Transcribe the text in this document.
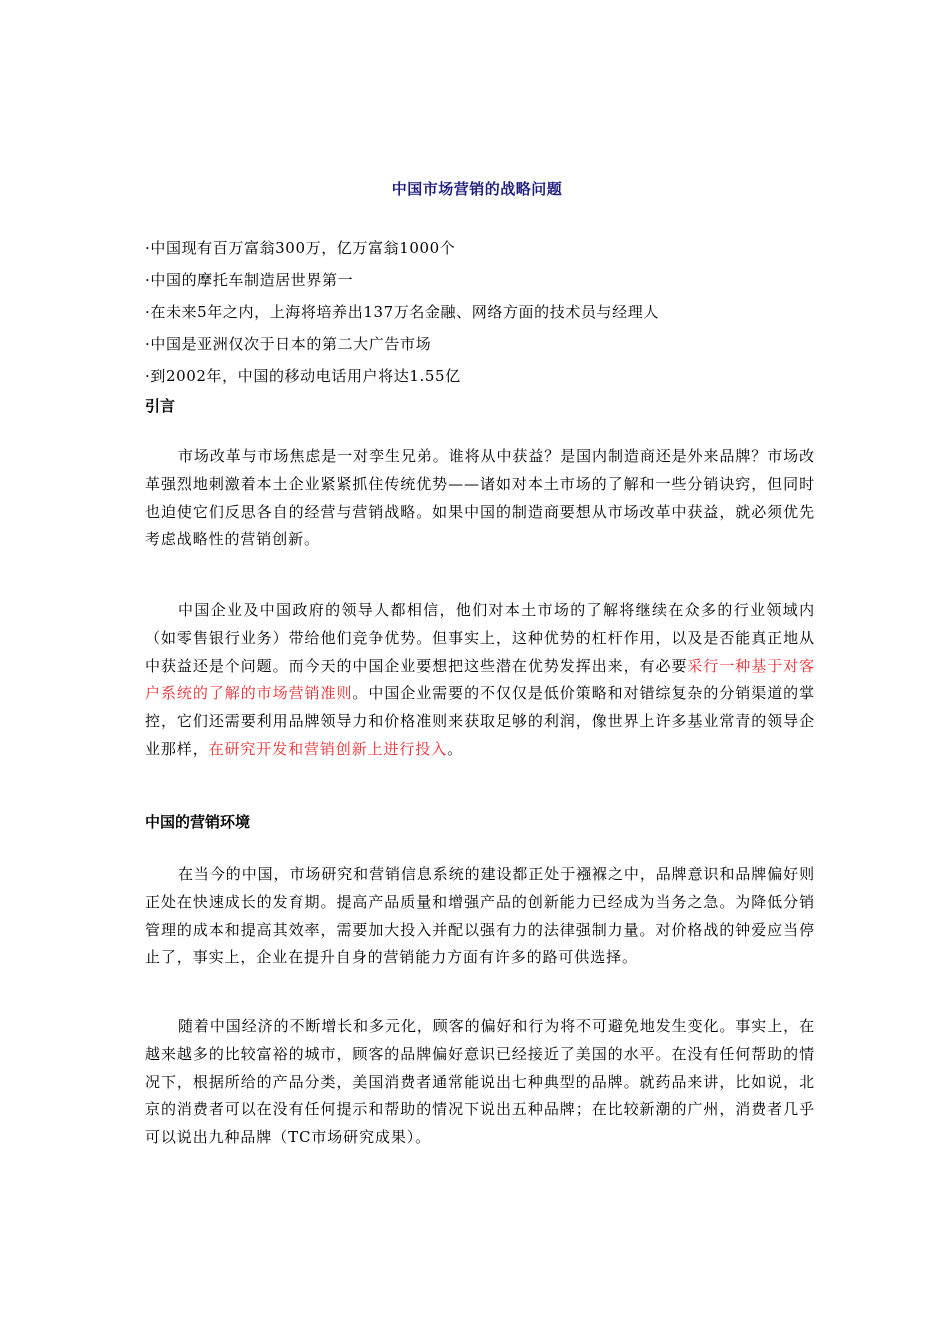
中国市场营销的战略问题
·中国现有百万富翁300万，亿万富翁1000个
·中国的摩托车制造居世界第一
·在未来5年之内，上海将培养出137万名金融、网络方面的技术员与经理人
·中国是亚洲仅次于日本的第二大广告市场
·到2002年，中国的移动电话用户将达1.55亿
引言
市场改革与市场焦虑是一对孪生兄弟。谁将从中获益？是国内制造商还是外来品牌？市场改革强烈地刺激着本土企业紧紧抓住传统优势——诸如对本土市场的了解和一些分销诀窍，但同时也迫使它们反思各自的经营与营销战略。如果中国的制造商要想从市场改革中获益，就必须优先考虑战略性的营销创新。
中国企业及中国政府的领导人都相信，他们对本土市场的了解将继续在众多的行业领域内（如零售银行业务）带给他们竞争优势。但事实上，这种优势的杠杆作用，以及是否能真正地从中获益还是个问题。而今天的中国企业要想把这些潜在优势发挥出来，有必要采行一种基于对客户系统的了解的市场营销准则。中国企业需要的不仅仅是低价策略和对错综复杂的分销渠道的掌控，它们还需要利用品牌领导力和价格准则来获取足够的利润，像世界上许多基业常青的领导企业那样，在研究开发和营销创新上进行投入。
中国的营销环境
在当今的中国，市场研究和营销信息系统的建设都正处于襁褓之中，品牌意识和品牌偏好则正处在快速成长的发育期。提高产品质量和增强产品的创新能力已经成为当务之急。为降低分销管理的成本和提高其效率，需要加大投入并配以强有力的法律强制力量。对价格战的钟爱应当停止了，事实上，企业在提升自身的营销能力方面有许多的路可供选择。
随着中国经济的不断增长和多元化，顾客的偏好和行为将不可避免地发生变化。事实上，在越来越多的比较富裕的城市，顾客的品牌偏好意识已经接近了美国的水平。在没有任何帮助的情况下，根据所给的产品分类，美国消费者通常能说出七种典型的品牌。就药品来讲，比如说，北京的消费者可以在没有任何提示和帮助的情况下说出五种品牌；在比较新潮的广州，消费者几乎可以说出九种品牌（TC市场研究成果）。
